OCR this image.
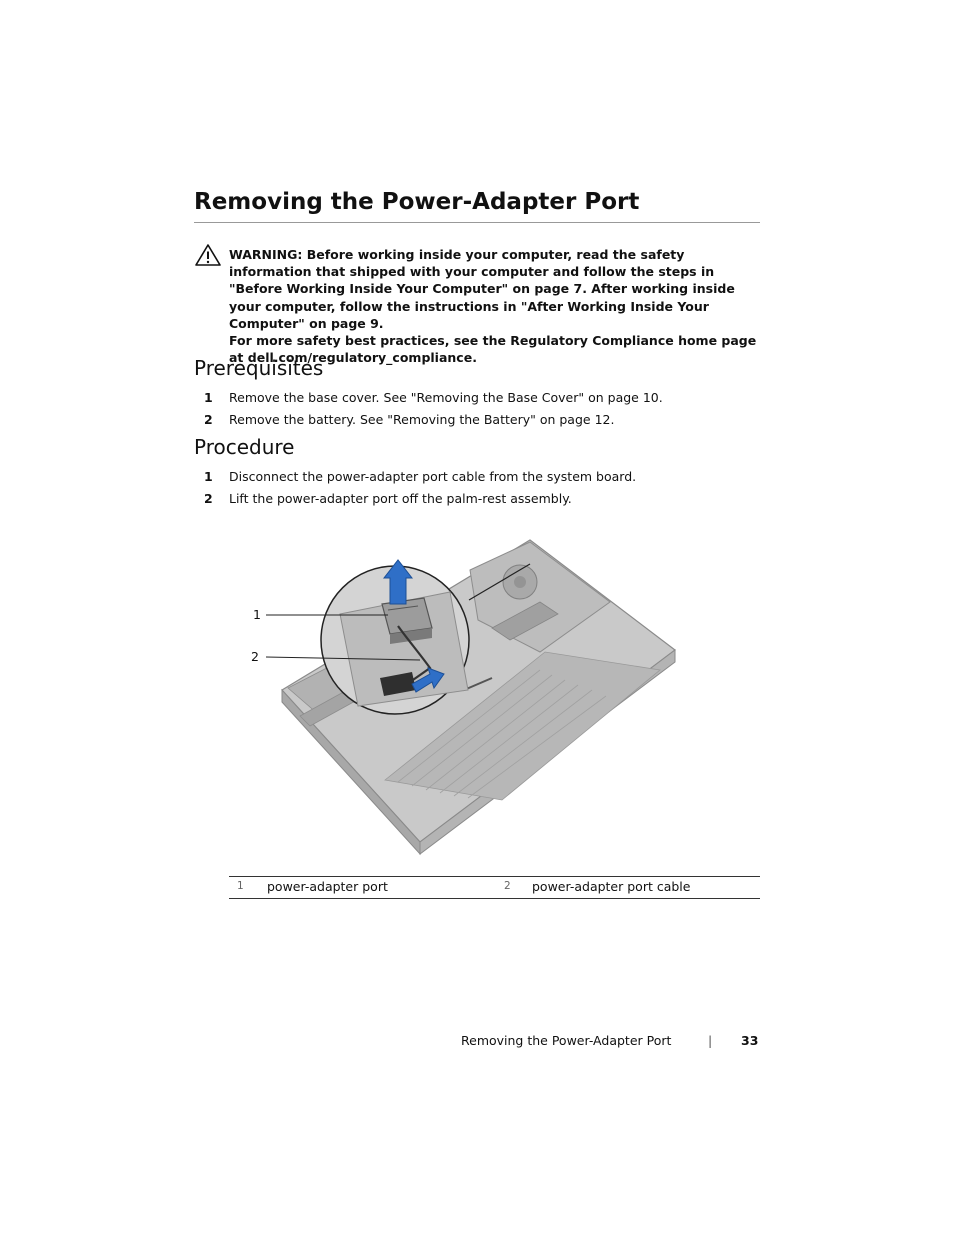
Removing the Power-Adapter Port

WARNING: Before working inside your computer, read the safety information that shipped with your computer and follow the steps in "Before Working Inside Your Computer" on page 7. After working inside your computer, follow the instructions in "After Working Inside Your Computer" on page 9.

For more safety best practices, see the Regulatory Compliance home page at dell.com/regulatory_compliance.

Prerequisites
1 Remove the base cover. See "Removing the Base Cover" on page 10.
2 Remove the battery. See "Removing the Battery" on page 12.
Procedure
1 Disconnect the power-adapter port cable from the system board.
2 Lift the power-adapter port off the palm-rest assembly.
1
2
1 power-adapter port	2 power-adapter port cable
Removing the Power-Adapter Port	| 33
